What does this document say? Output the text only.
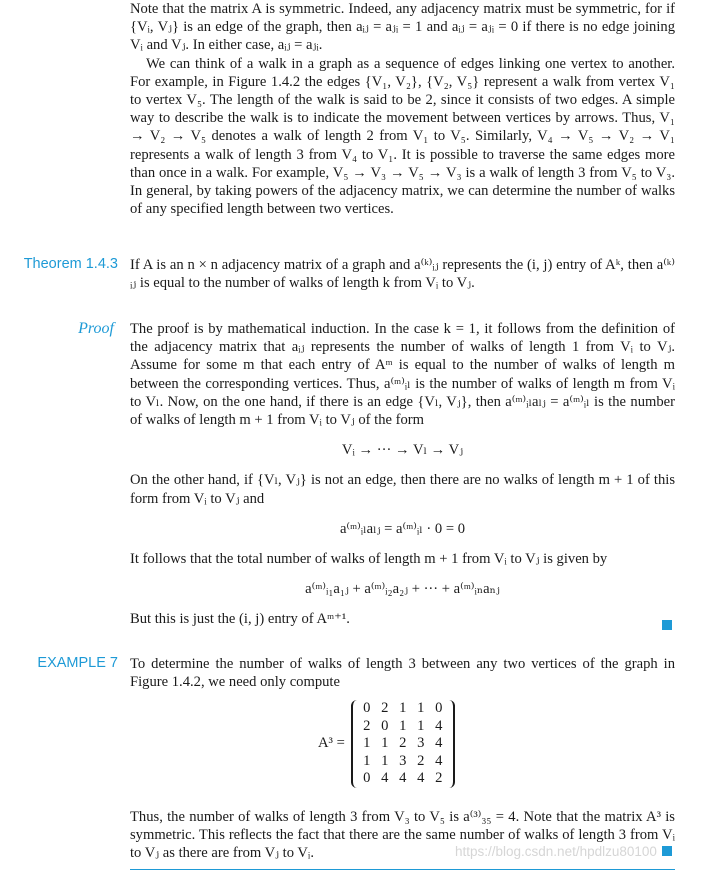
Note that the matrix A is symmetric. Indeed, any adjacency matrix must be symmetric, for if {Vᵢ, Vⱼ} is an edge of the graph, then aᵢⱼ = aⱼᵢ = 1 and aᵢⱼ = aⱼᵢ = 0 if there is no edge joining Vᵢ and Vⱼ. In either case, aᵢⱼ = aⱼᵢ.

We can think of a walk in a graph as a sequence of edges linking one vertex to another. For example, in Figure 1.4.2 the edges {V₁, V₂}, {V₂, V₅} represent a walk from vertex V₁ to vertex V₅. The length of the walk is said to be 2, since it consists of two edges. A simple way to describe the walk is to indicate the movement between vertices by arrows. Thus, V₁ → V₂ → V₅ denotes a walk of length 2 from V₁ to V₅. Similarly, V₄ → V₅ → V₂ → V₁ represents a walk of length 3 from V₄ to V₁. It is possible to traverse the same edges more than once in a walk. For example, V₅ → V₃ → V₅ → V₃ is a walk of length 3 from V₅ to V₃. In general, by taking powers of the adjacency matrix, we can determine the number of walks of any specified length between two vertices.

Theorem 1.4.3 If A is an n × n adjacency matrix of a graph and a⁽ᵏ⁾ᵢⱼ represents the (i, j) entry of Aᵏ, then a⁽ᵏ⁾ᵢⱼ is equal to the number of walks of length k from Vᵢ to Vⱼ.

Proof The proof is by mathematical induction. In the case k = 1, it follows from the definition of the adjacency matrix that aᵢⱼ represents the number of walks of length 1 from Vᵢ to Vⱼ. Assume for some m that each entry of Aᵐ is equal to the number of walks of length m between the corresponding vertices. Thus, a⁽ᵐ⁾ᵢₗ is the number of walks of length m from Vᵢ to Vₗ. Now, on the one hand, if there is an edge {Vₗ, Vⱼ}, then a⁽ᵐ⁾ᵢₗaₗⱼ = a⁽ᵐ⁾ᵢₗ is the number of walks of length m + 1 from Vᵢ to Vⱼ of the form

Vᵢ → ··· → Vₗ → Vⱼ

On the other hand, if {Vₗ, Vⱼ} is not an edge, then there are no walks of length m + 1 of this form from Vᵢ to Vⱼ and

a⁽ᵐ⁾ᵢₗaₗⱼ = a⁽ᵐ⁾ᵢₗ · 0 = 0

It follows that the total number of walks of length m + 1 from Vᵢ to Vⱼ is given by

a⁽ᵐ⁾ᵢ₁a₁ⱼ + a⁽ᵐ⁾ᵢ₂a₂ⱼ + ··· + a⁽ᵐ⁾ᵢₙaₙⱼ

But this is just the (i, j) entry of Aᵐ⁺¹.

EXAMPLE 7 To determine the number of walks of length 3 between any two vertices of the graph in Figure 1.4.2, we need only compute

A³ =
0 2 1 1 0
2 0 1 1 4
1 1 2 3 4
1 1 3 2 4
0 4 4 4 2

Thus, the number of walks of length 3 from V₃ to V₅ is a⁽³⁾₃₅ = 4. Note that the matrix A³ is symmetric. This reflects the fact that there are the same number of walks of length 3 from Vᵢ to Vⱼ as there are from Vⱼ to Vᵢ.	https://blog.csdn.net/hpdlzu80100
